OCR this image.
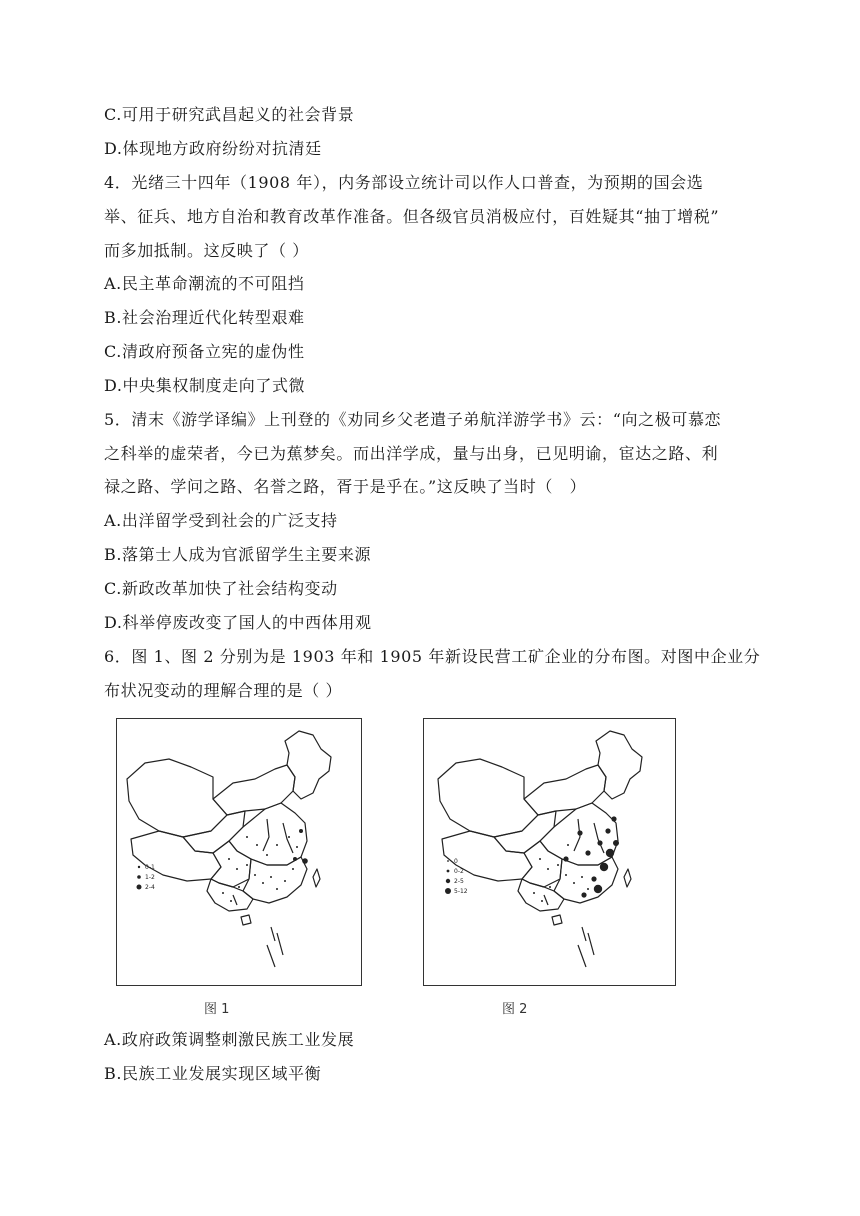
C.可用于研究武昌起义的社会背景
D.体现地方政府纷纷对抗清廷
4．光绪三十四年（1908 年），内务部设立统计司以作人口普查，为预期的国会选
举、征兵、地方自治和教育改革作准备。但各级官员消极应付，百姓疑其“抽丁增税”
而多加抵制。这反映了（ ）
A.民主革命潮流的不可阻挡
B.社会治理近代化转型艰难
C.清政府预备立宪的虚伪性
D.中央集权制度走向了式微
5．清末《游学译编》上刊登的《劝同乡父老遣子弟航洋游学书》云：“向之极可慕恋
之科举的虚荣者，今已为蕉梦矣。而出洋学成，量与出身，已见明谕，宦达之路、利
禄之路、学问之路、名誉之路，胥于是乎在。”这反映了当时（　）
A.出洋留学受到社会的广泛支持
B.落第士人成为官派留学生主要来源
C.新政改革加快了社会结构变动
D.科举停废改变了国人的中西体用观
6．图 1、图 2 分别为是 1903 年和 1905 年新设民营工矿企业的分布图。对图中企业分
布状况变动的理解合理的是（ ）
0-1
1-2
2-4
图 1
0
0-2
2-5
5-12
图 2
A.政府政策调整刺激民族工业发展
B.民族工业发展实现区域平衡
